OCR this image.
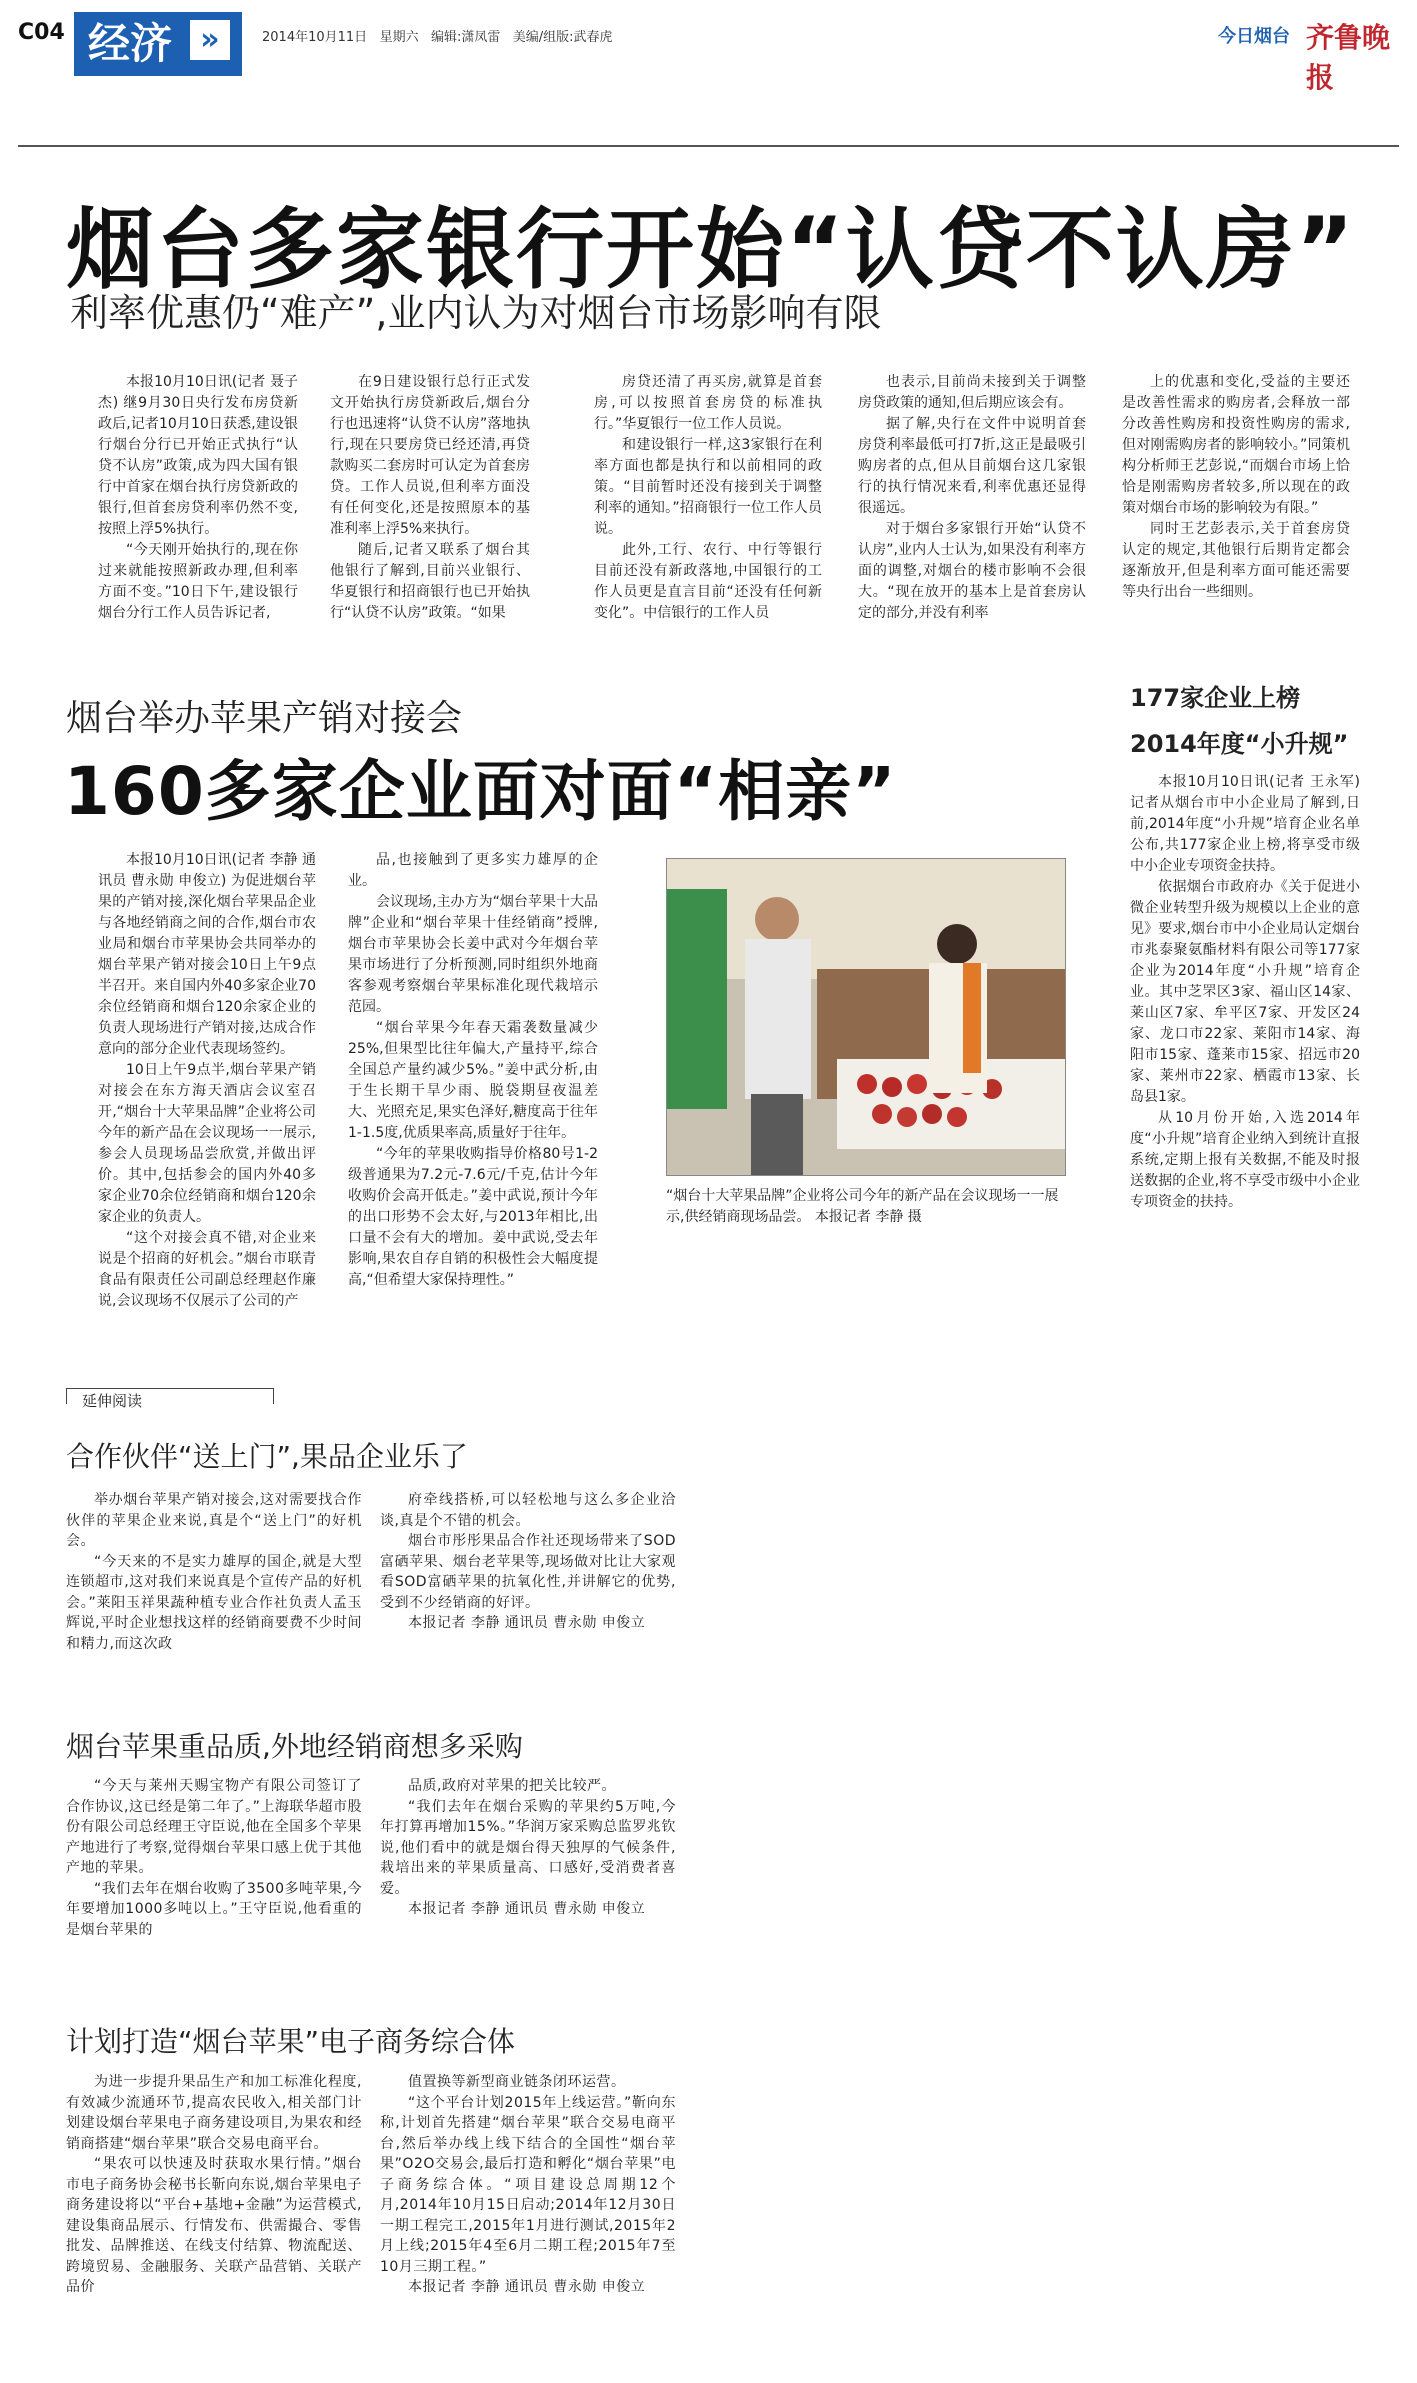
C04 经济 »	2014年10月11日 星期六 编辑:潇凤雷 美编/组版:武春虎	今日烟台 齐鲁晚报
烟台多家银行开始“认贷不认房”
利率优惠仍“难产”,业内认为对烟台市场影响有限

本报10月10日讯(记者 聂子杰) 继9月30日央行发布房贷新政后,记者10月10日获悉,建设银行烟台分行已开始正式执行“认贷不认房”政策,成为四大国有银行中首家在烟台执行房贷新政的银行,但首套房贷利率仍然不变,按照上浮5%执行。

“今天刚开始执行的,现在你过来就能按照新政办理,但利率方面不变。”10日下午,建设银行烟台分行工作人员告诉记者,

在9日建设银行总行正式发文开始执行房贷新政后,烟台分行也迅速将“认贷不认房”落地执行,现在只要房贷已经还清,再贷款购买二套房时可认定为首套房贷。工作人员说,但利率方面没有任何变化,还是按照原本的基准利率上浮5%来执行。

随后,记者又联系了烟台其他银行了解到,目前兴业银行、华夏银行和招商银行也已开始执行“认贷不认房”政策。“如果

房贷还清了再买房,就算是首套房,可以按照首套房贷的标准执行。”华夏银行一位工作人员说。

和建设银行一样,这3家银行在利率方面也都是执行和以前相同的政策。“目前暂时还没有接到关于调整利率的通知。”招商银行一位工作人员说。

此外,工行、农行、中行等银行目前还没有新政落地,中国银行的工作人员更是直言目前“还没有任何新变化”。中信银行的工作人员

也表示,目前尚未接到关于调整房贷政策的通知,但后期应该会有。

据了解,央行在文件中说明首套房贷利率最低可打7折,这正是最吸引购房者的点,但从目前烟台这几家银行的执行情况来看,利率优惠还显得很遥远。

对于烟台多家银行开始“认贷不认房”,业内人士认为,如果没有利率方面的调整,对烟台的楼市影响不会很大。“现在放开的基本上是首套房认定的部分,并没有利率

上的优惠和变化,受益的主要还是改善性需求的购房者,会释放一部分改善性购房和投资性购房的需求,但对刚需购房者的影响较小。”同策机构分析师王艺彭说,“而烟台市场上恰恰是刚需购房者较多,所以现在的政策对烟台市场的影响较为有限。”

同时王艺彭表示,关于首套房贷认定的规定,其他银行后期肯定都会逐渐放开,但是利率方面可能还需要等央行出台一些细则。

烟台举办苹果产销对接会
160多家企业面对面“相亲”

本报10月10日讯(记者 李静 通讯员 曹永勋 申俊立) 为促进烟台苹果的产销对接,深化烟台苹果品企业与各地经销商之间的合作,烟台市农业局和烟台市苹果协会共同举办的烟台苹果产销对接会10日上午9点半召开。来自国内外40多家企业70余位经销商和烟台120余家企业的负责人现场进行产销对接,达成合作意向的部分企业代表现场签约。

10日上午9点半,烟台苹果产销对接会在东方海天酒店会议室召开,“烟台十大苹果品牌”企业将公司今年的新产品在会议现场一一展示,参会人员现场品尝欣赏,并做出评价。其中,包括参会的国内外40多家企业70余位经销商和烟台120余家企业的负责人。

“这个对接会真不错,对企业来说是个招商的好机会。”烟台市联青食品有限责任公司副总经理赵作廉说,会议现场不仅展示了公司的产

品,也接触到了更多实力雄厚的企业。

会议现场,主办方为“烟台苹果十大品牌”企业和“烟台苹果十佳经销商”授牌,烟台市苹果协会长姜中武对今年烟台苹果市场进行了分析预测,同时组织外地商客参观考察烟台苹果标准化现代栽培示范园。

“烟台苹果今年春天霜袭数量减少25%,但果型比往年偏大,产量持平,综合全国总产量约减少5%。”姜中武分析,由于生长期干旱少雨、脱袋期昼夜温差大、光照充足,果实色泽好,糖度高于往年1-1.5度,优质果率高,质量好于往年。

“今年的苹果收购指导价格80号1-2级普通果为7.2元-7.6元/千克,估计今年收购价会高开低走。”姜中武说,预计今年的出口形势不会太好,与2013年相比,出口量不会有大的增加。姜中武说,受去年影响,果农自存自销的积极性会大幅度提高,“但希望大家保持理性。”

“烟台十大苹果品牌”企业将公司今年的新产品在会议现场一一展示,供经销商现场品尝。 本报记者 李静 摄
177家企业上榜
2014年度“小升规”

本报10月10日讯(记者 王永军) 记者从烟台市中小企业局了解到,日前,2014年度“小升规”培育企业名单公布,共177家企业上榜,将享受市级中小企业专项资金扶持。

依据烟台市政府办《关于促进小微企业转型升级为规模以上企业的意见》要求,烟台市中小企业局认定烟台市兆泰聚氨酯材料有限公司等177家企业为2014年度“小升规”培育企业。其中芝罘区3家、福山区14家、莱山区7家、牟平区7家、开发区24家、龙口市22家、莱阳市14家、海阳市15家、蓬莱市15家、招远市20家、莱州市22家、栖霞市13家、长岛县1家。

从10月份开始,入选2014年度“小升规”培育企业纳入到统计直报系统,定期上报有关数据,不能及时报送数据的企业,将不享受市级中小企业专项资金的扶持。

延伸阅读
合作伙伴“送上门”,果品企业乐了

举办烟台苹果产销对接会,这对需要找合作伙伴的苹果企业来说,真是个“送上门”的好机会。

“今天来的不是实力雄厚的国企,就是大型连锁超市,这对我们来说真是个宣传产品的好机会。”莱阳玉祥果蔬种植专业合作社负责人孟玉辉说,平时企业想找这样的经销商要费不少时间和精力,而这次政

府牵线搭桥,可以轻松地与这么多企业洽谈,真是个不错的机会。

烟台市彤彤果品合作社还现场带来了SOD富硒苹果、烟台老苹果等,现场做对比让大家观看SOD富硒苹果的抗氧化性,并讲解它的优势,受到不少经销商的好评。

本报记者 李静 通讯员 曹永勋 申俊立

烟台苹果重品质,外地经销商想多采购

“今天与莱州天赐宝物产有限公司签订了合作协议,这已经是第二年了。”上海联华超市股份有限公司总经理王守臣说,他在全国多个苹果产地进行了考察,觉得烟台苹果口感上优于其他产地的苹果。

“我们去年在烟台收购了3500多吨苹果,今年要增加1000多吨以上。”王守臣说,他看重的是烟台苹果的

品质,政府对苹果的把关比较严。

“我们去年在烟台采购的苹果约5万吨,今年打算再增加15%。”华润万家采购总监罗兆钦说,他们看中的就是烟台得天独厚的气候条件,栽培出来的苹果质量高、口感好,受消费者喜爱。

本报记者 李静 通讯员 曹永勋 申俊立

计划打造“烟台苹果”电子商务综合体

为进一步提升果品生产和加工标准化程度,有效减少流通环节,提高农民收入,相关部门计划建设烟台苹果电子商务建设项目,为果农和经销商搭建“烟台苹果”联合交易电商平台。

“果农可以快速及时获取水果行情。”烟台市电子商务协会秘书长靳向东说,烟台苹果电子商务建设将以“平台+基地+金融”为运营模式,建设集商品展示、行情发布、供需撮合、零售批发、品牌推送、在线支付结算、物流配送、跨境贸易、金融服务、关联产品营销、关联产品价

值置换等新型商业链条闭环运营。

“这个平台计划2015年上线运营。”靳向东称,计划首先搭建“烟台苹果”联合交易电商平台,然后举办线上线下结合的全国性“烟台苹果”O2O交易会,最后打造和孵化“烟台苹果”电子商务综合体。“项目建设总周期12个月,2014年10月15日启动;2014年12月30日一期工程完工,2015年1月进行测试,2015年2月上线;2015年4至6月二期工程;2015年7至10月三期工程。”

本报记者 李静 通讯员 曹永勋 申俊立
